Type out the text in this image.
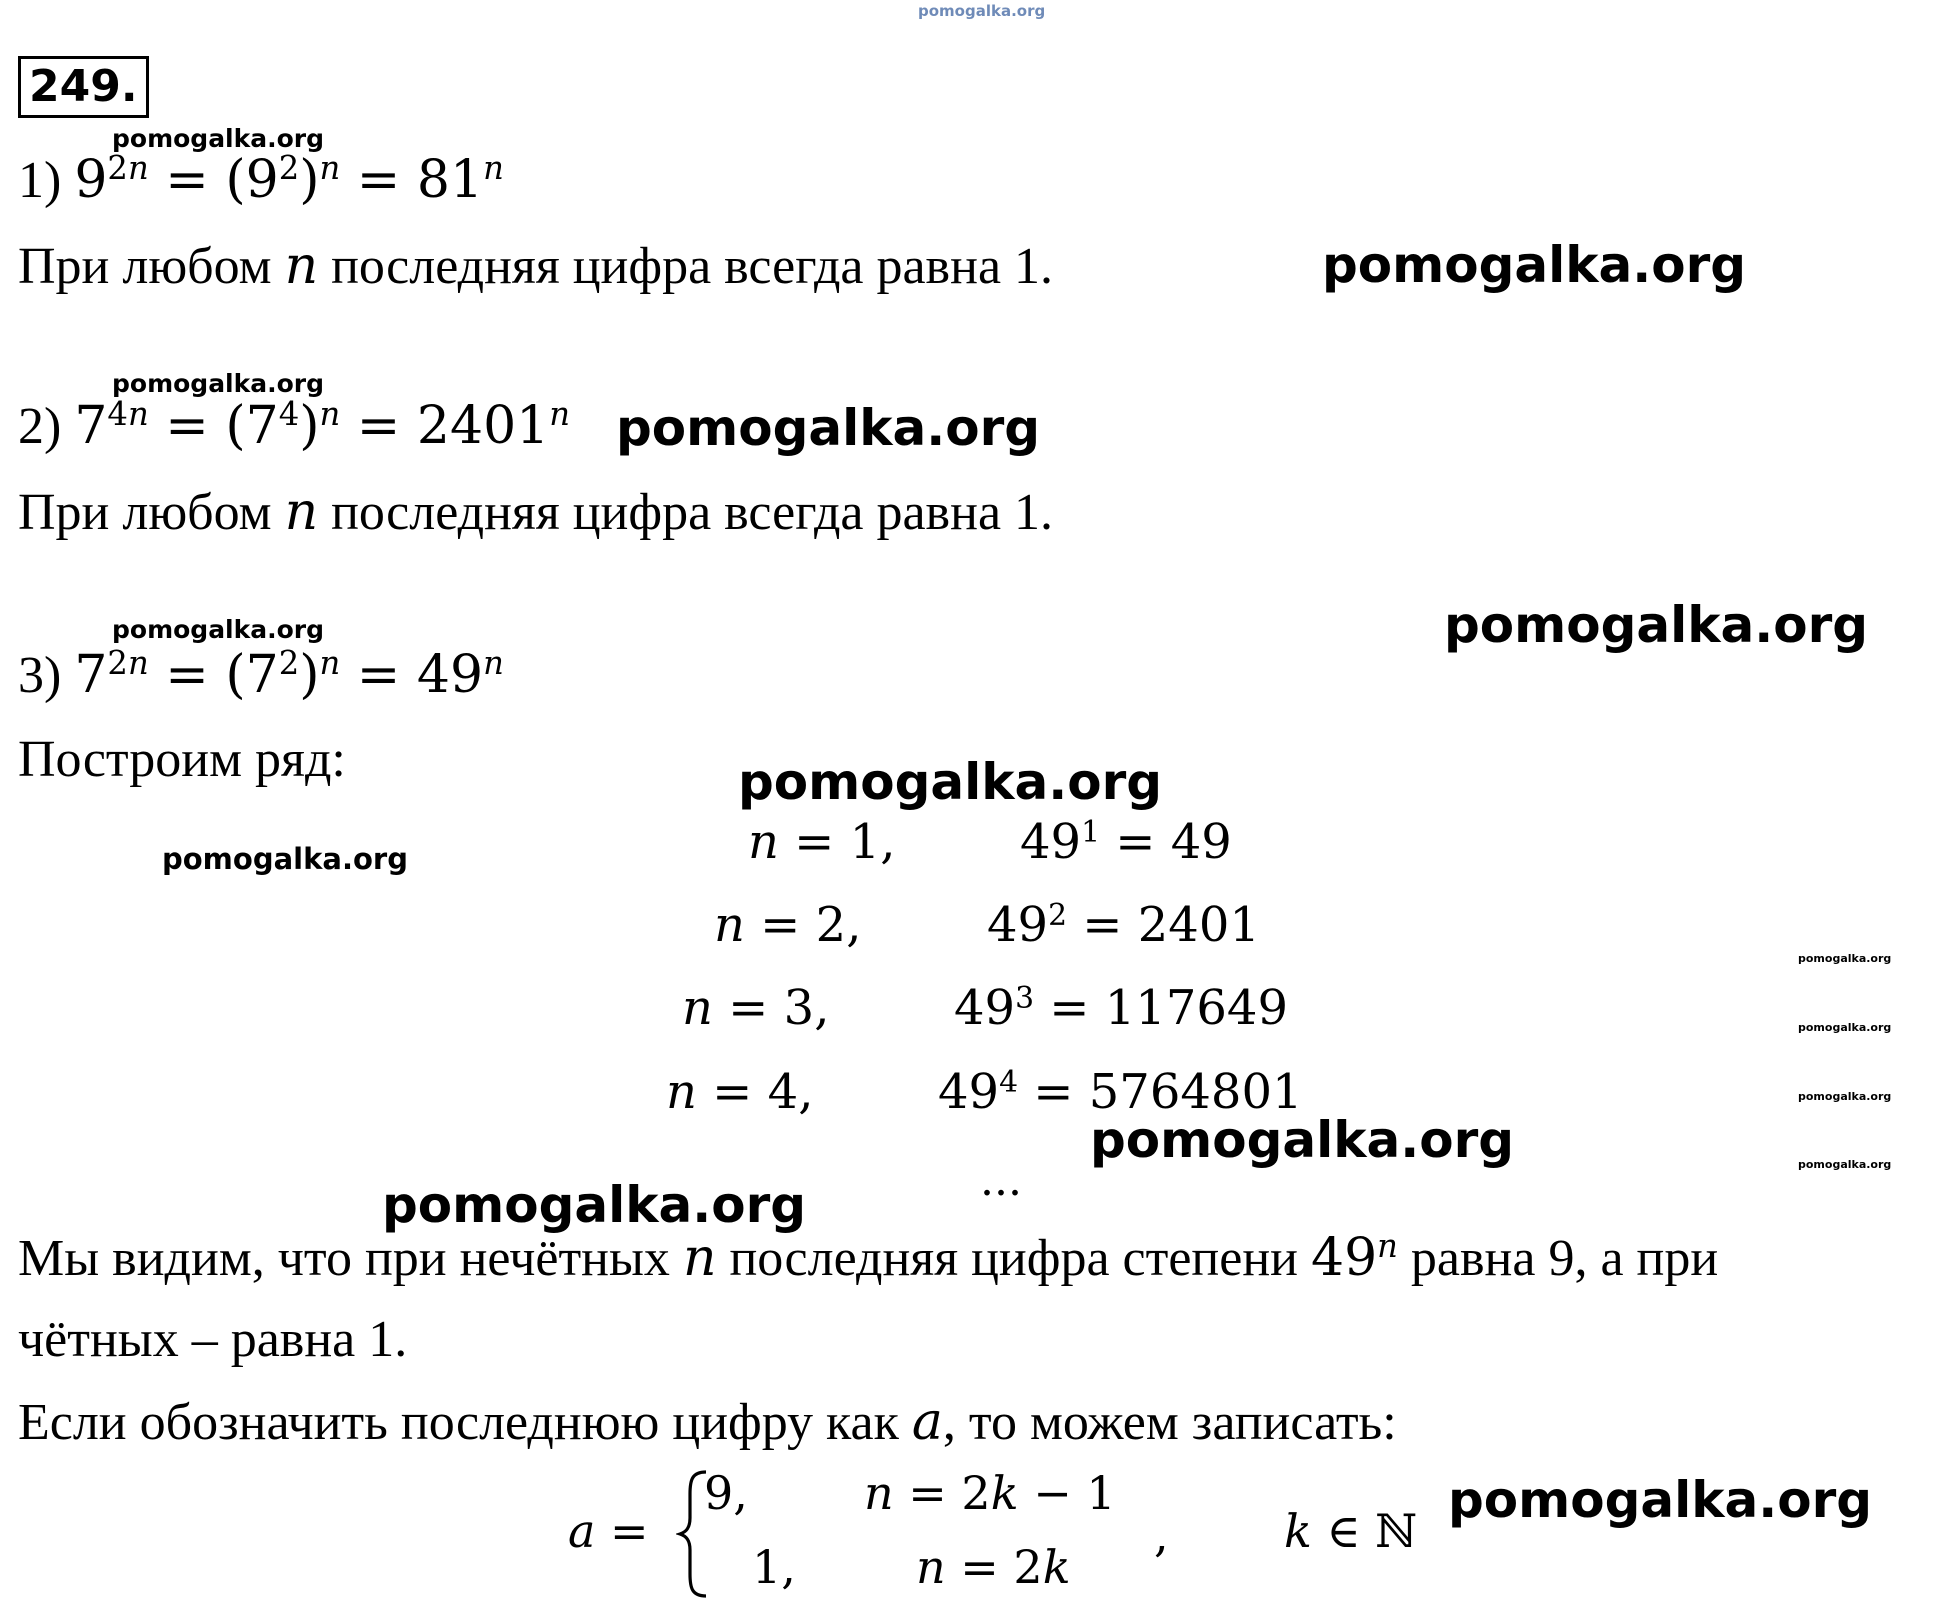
pomogalka.org
249.
pomogalka.org
1) $9^{2n} = (9^2)^n = 81^n$
При любом n последняя цифра всегда равна 1.	pomogalka.org
pomogalka.org
2) $7^{4n} = (7^4)^n = 2401^n$ pomogalka.org
При любом n последняя цифра всегда равна 1.
pomogalka.org	pomogalka.org
3) $7^{2n} = (7^2)^n = 49^n$
Построим ряд:	pomogalka.org
pomogalka.org	n = 1,	$49^1 = 49$
n = 2,	$49^2 = 2401$
n = 3,	$49^3 = 117649$
n = 4,	$49^4 = 5764801$
pomogalka.org
pomogalka.org
pomogalka.org
pomogalka.org
pomogalka.org
...
pomogalka.org
Мы видим, что при нечётных n последняя цифра степени 49$^n$ равна 9, а при
чётных – равна 1.
Если обозначить последнюю цифру как a, то можем записать:
a =
9,	n = 2k − 1
1,	n = 2k
,	k ∈ ℕ
pomogalka.org
